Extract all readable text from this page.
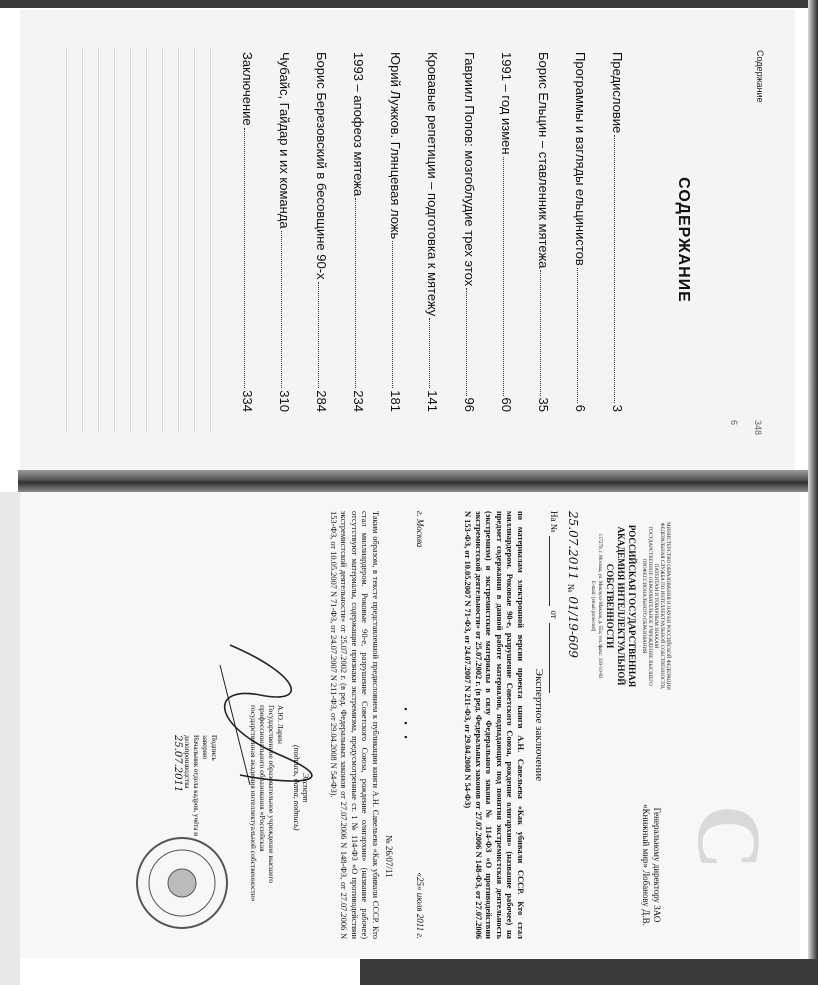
Содержание
СОДЕРЖАНИЕ
Предисловие
3
Программы и взгляды ельцинистов
6
Борис Ельцин – ставленник мятежа
35
1991 – год измен
60
Гавриил Попов: мозгоблудие трех этох
96
Кровавые репетиции – подготовка к мятежу
141
Юрий Лужков. Глянцевая ложь
181
1993 – апофеоз мятежа
234
Борис Березовский в бесовщине 90-х
284
Чубайс, Гайдар и их команда
310
Заключение
334
348
6
С
МИНИСТЕРСТВО ОБРАЗОВАНИЯ И НАУКИ РОССИЙСКОЙ ФЕДЕРАЦИИ ФЕДЕРАЛЬНАЯ СЛУЖБА ПО ИНТЕЛЛЕКТУАЛЬНОЙ СОБСТВЕННОСТИ, ПАТЕНТАМ И ТОВАРНЫМ ЗНАКАМ
ГОСУДАРСТВЕННОЕ ОБРАЗОВАТЕЛЬНОЕ УЧРЕЖДЕНИЕ ВЫСШЕГО ПРОФЕССИОНАЛЬНОГО ОБРАЗОВАНИЯ
РОССИЙСКАЯ ГОСУДАРСТВЕННАЯ АКАДЕМИЯ ИНТЕЛЛЕКТУАЛЬНОЙ СОБСТВЕННОСТИ
117279, г. Москва, ул. Миклухо-Маклая, д. 55а; тел./факс: 330-10-83
E-mail: [email protected]
25.07.2011
№
01/19-609
На №
от
Генеральному директору ЗАО «Книжный мир» Лобанову Д.В.
Экспертное заключение
по материалам электронной версии проекта книги А.Н. Савельева «Как убивали СССР. Кто стал миллиардером. Роковые 90-е, разрушение Советского Союза, рождение олигархии» (название рабочее) на предмет содержания в данной работе материалов, подпадающих под понятия экстремистская деятельность (экстремизм) и экстремистские материалы в силу Федерального закона № 114-ФЗ «О противодействии экстремистской деятельности» от 25.07.2002 г. (в ред. Федеральных законов от 27.07.2006 N 148-ФЗ, от 27.07.2006 N 153-ФЗ, от 10.05.2007 N 71-ФЗ, от 24.07.2007 N 211-ФЗ, от 29.04.2008 N 54-ФЗ)
г. Москва
«25» июля 2011 г.
• • •
№ 26/07/11
Таким образом, в тексте представленной предисловием к публикации книги А.Н. Савельева «Как убивали СССР. Кто стал миллиардером. Роковые 90-е, разрушение Советского Союза, рождение олигархии» (название рабочее) отсутствуют материалы, содержащие признаки экстремизма, предусмотренные ст. 1 № 114-ФЗ «О противодействии экстремистской деятельности» от 25.07.2002 г. (в ред. Федеральных законов от 27.07.2006 N 148-ФЗ, от 27.07.2006 N 153-ФЗ, от 10.05.2007 N 71-ФЗ, от 24.07.2007 N 211-ФЗ, от 29.04.2008 N 54-ФЗ).
Эксперт
(подпись, дата, подпись)
А.Ю. Ларин
Государственное образовательное учреждение высшего профессионального образования «Российская государственная академия интеллектуальной собственности»
Подпись
заверяю
Начальник отдела кадров, учёта и делопроизводства
25.07.2011
